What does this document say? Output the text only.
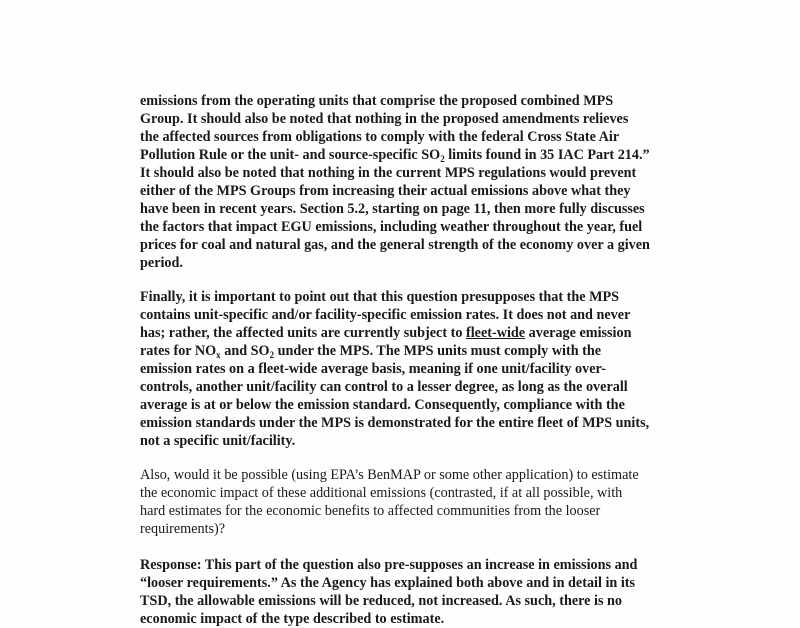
emissions from the operating units that comprise the proposed combined MPS
Group. It should also be noted that nothing in the proposed amendments relieves
the affected sources from obligations to comply with the federal Cross State Air
Pollution Rule or the unit- and source-specific $SO_2$ limits found in 35 IAC Part 214.”
It should also be noted that nothing in the current MPS regulations would prevent
either of the MPS Groups from increasing their actual emissions above what they
have been in recent years. Section 5.2, starting on page 11, then more fully discusses
the factors that impact EGU emissions, including weather throughout the year, fuel
prices for coal and natural gas, and the general strength of the economy over a given
period.
Finally, it is important to point out that this question presupposes that the MPS
contains unit-specific and/or facility-specific emission rates. It does not and never
has; rather, the affected units are currently subject to fleet-wide average emission
rates for $NO_x$ and $SO_2$ under the MPS. The MPS units must comply with the
emission rates on a fleet-wide average basis, meaning if one unit/facility over-
controls, another unit/facility can control to a lesser degree, as long as the overall
average is at or below the emission standard. Consequently, compliance with the
emission standards under the MPS is demonstrated for the entire fleet of MPS units,
not a specific unit/facility.
Also, would it be possible (using EPA’s BenMAP or some other application) to estimate
the economic impact of these additional emissions (contrasted, if at all possible, with
hard estimates for the economic benefits to affected communities from the looser
requirements)?
Response: This part of the question also pre-supposes an increase in emissions and
“looser requirements.” As the Agency has explained both above and in detail in its
TSD, the allowable emissions will be reduced, not increased. As such, there is no
economic impact of the type described to estimate.
